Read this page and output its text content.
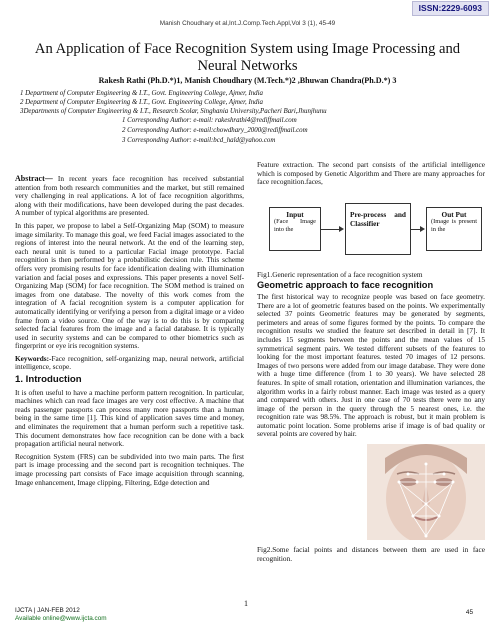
ISSN:2229-6093
Manish Choudhary et al,Int.J.Comp.Tech.Appl,Vol 3 (1), 45-49
An Application of Face Recognition System using Image Processing and Neural Networks
Rakesh Rathi (Ph.D.*)1, Manish Choudhary (M.Tech.*)2 ,Bhuwan Chandra(Ph.D.*) 3
1 Department of Computer Engineering & I.T., Govt. Engineering College, Ajmer, India
2 Department of Computer Engineering & I.T., Govt. Engineering College, Ajmer, India
3Departments of Computer Engineering & I.T., Research Scolar, Singhania University,Pacheri Bari,Jhunjhunu
1 Corresponding Author: e-mail: rakeshrathi4@rediffmail.com
2 Corresponding Author: e-mail:chowdhary_2000@rediffmail.com
3 Corresponding Author: e-mail:bcd_hald@yahoo.com

Abstract— In recent years face recognition has received substantial attention from both research communities and the market, but still remained very challenging in real applications. A lot of face recognition algorithms, along with their modifications, have been developed during the past decades. A number of typical algorithms are presented.

In this paper, we propose to label a Self-Organizing Map (SOM) to measure image similarity. To manage this goal, we feed Facial images associated to the regions of interest into the neural network. At the end of the learning step, each neural unit is tuned to a particular Facial image prototype. Facial recognition is then performed by a probabilistic decision rule. This scheme offers very promising results for face identification dealing with illumination variation and facial poses and expressions. This paper presents a novel Self-Organizing Map (SOM) for face recognition. The SOM method is trained on images from one database. The novelty of this work comes from the integration of A facial recognition system is a computer application for automatically identifying or verifying a person from a digital image or a video frame from a video source. One of the way is to do this is by comparing selected facial features from the image and a facial database. It is typically used in security systems and can be compared to other biometrics such as fingerprint or eye iris recognition systems.

Keywords:-Face recognition, self-organizing map, neural network, artificial intelligence, scope.

1. Introduction

It is often useful to have a machine perform pattern recognition. In particular, machines which can read face images are very cost effective. A machine that reads passenger passports can process many more passports than a human being in the same time [1]. This kind of application saves time and money, and eliminates the requirement that a human perform such a repetitive task. This document demonstrates how face recognition can be done with a back propagation artificial neural network.

Recognition System (FRS) can be subdivided into two main parts. The first part is image processing and the second part is recognition techniques. The image processing part consists of Face image acquisition through scanning, Image enhancement, Image clipping, Filtering, Edge detection and

Feature extraction. The second part consists of the artificial intelligence which is composed by Genetic Algorithm and There are many approaches for face recognition.faces,

Input
(Face Image into the
Pre-process and Classifier
Out Put
(Image is present in the

Fig1.Generic representation of a face recognition system

Geometric approach to face recognition

The first historical way to recognize people was based on face geometry. There are a lot of geometric features based on the points. We experimentally selected 37 points Geometric features may be generated by segments, perimeters and areas of some figures formed by the points. To compare the recognition results we studied the feature set described in detail in [7]. It includes 15 segments between the points and the mean values of 15 symmetrical segment pairs. We tested different subsets of the features to looking for the most important features. tested 70 images of 12 persons. Images of two persons were added from our image database. They were done with a huge time difference (from 1 to 30 years). We have selected 28 features. In spite of small rotation, orientation and illumination variances, the algorithm works in a fairly robust manner. Each image was tested as a query and compared with others. Just in one case of 70 tests there were no any image of the person in the query through the 5 nearest ones, i.e. the recognition rate was 98.5%. The approach is robust, but it main problem is automatic point location. Some problems arise if image is of bad quality or several points are covered by hair.

Fig2.Some facial points and distances between them are used in face recognition.
IJCTA | JAN-FEB 2012
Available online@www.ijcta.com
1
45
